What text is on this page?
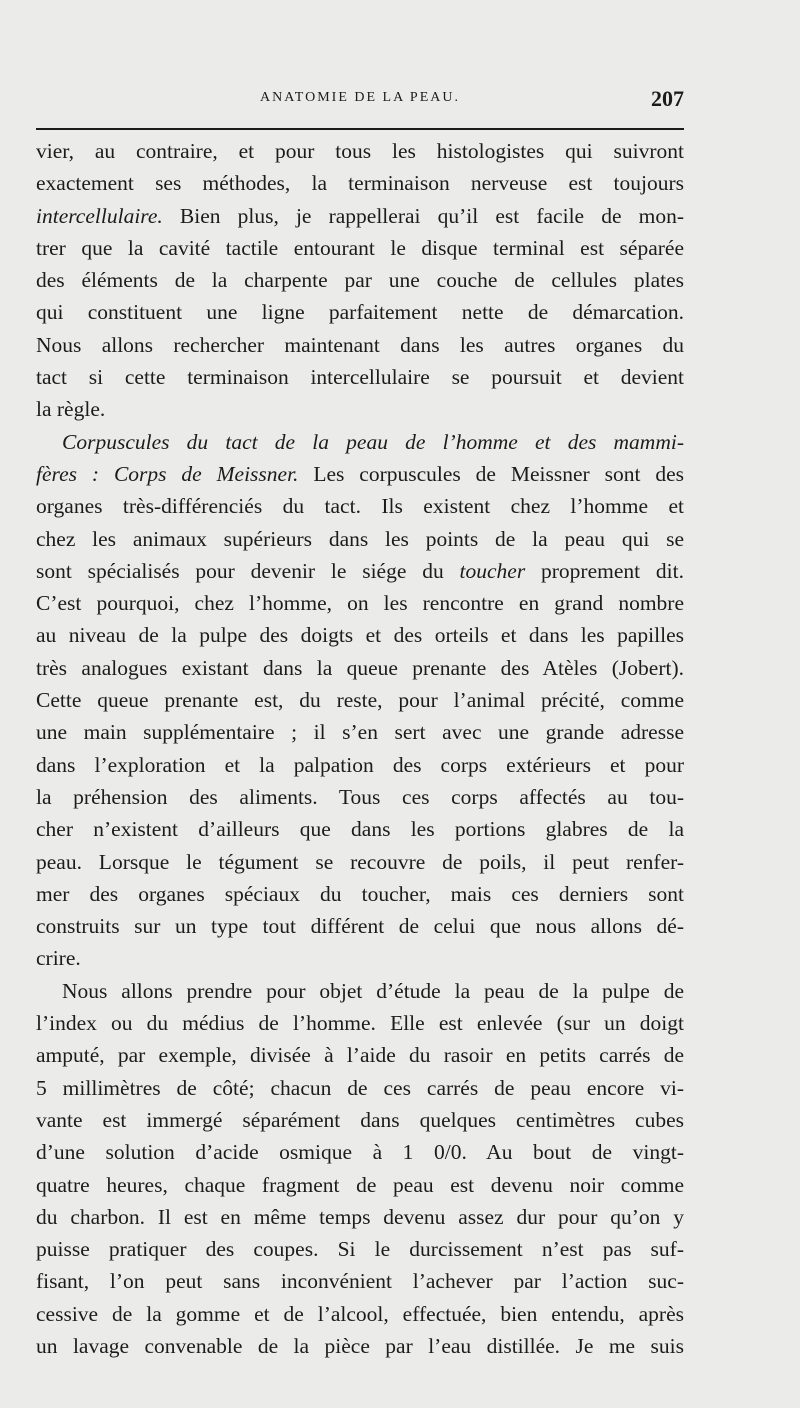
ANATOMIE DE LA PEAU.	207
vier, au contraire, et pour tous les histologistes qui suivront
exactement ses méthodes, la terminaison nerveuse est toujours
intercellulaire. Bien plus, je rappellerai qu’il est facile de mon-
trer que la cavité tactile entourant le disque terminal est séparée
des éléments de la charpente par une couche de cellules plates
qui constituent une ligne parfaitement nette de démarcation.
Nous allons rechercher maintenant dans les autres organes du
tact si cette terminaison intercellulaire se poursuit et devient
la règle.
Corpuscules du tact de la peau de l’homme et des mammi-
fères : Corps de Meissner. Les corpuscules de Meissner sont des
organes très-différenciés du tact. Ils existent chez l’homme et
chez les animaux supérieurs dans les points de la peau qui se
sont spécialisés pour devenir le siége du toucher proprement dit.
C’est pourquoi, chez l’homme, on les rencontre en grand nombre
au niveau de la pulpe des doigts et des orteils et dans les papilles
très analogues existant dans la queue prenante des Atèles (Jobert).
Cette queue prenante est, du reste, pour l’animal précité, comme
une main supplémentaire ; il s’en sert avec une grande adresse
dans l’exploration et la palpation des corps extérieurs et pour
la préhension des aliments. Tous ces corps affectés au tou-
cher n’existent d’ailleurs que dans les portions glabres de la
peau. Lorsque le tégument se recouvre de poils, il peut renfer-
mer des organes spéciaux du toucher, mais ces derniers sont
construits sur un type tout différent de celui que nous allons dé-
crire.
Nous allons prendre pour objet d’étude la peau de la pulpe de
l’index ou du médius de l’homme. Elle est enlevée (sur un doigt
amputé, par exemple, divisée à l’aide du rasoir en petits carrés de
5 millimètres de côté; chacun de ces carrés de peau encore vi-
vante est immergé séparément dans quelques centimètres cubes
d’une solution d’acide osmique à 1 0/0. Au bout de vingt-
quatre heures, chaque fragment de peau est devenu noir comme
du charbon. Il est en même temps devenu assez dur pour qu’on y
puisse pratiquer des coupes. Si le durcissement n’est pas suf-
fisant, l’on peut sans inconvénient l’achever par l’action suc-
cessive de la gomme et de l’alcool, effectuée, bien entendu, après
un lavage convenable de la pièce par l’eau distillée. Je me suis
